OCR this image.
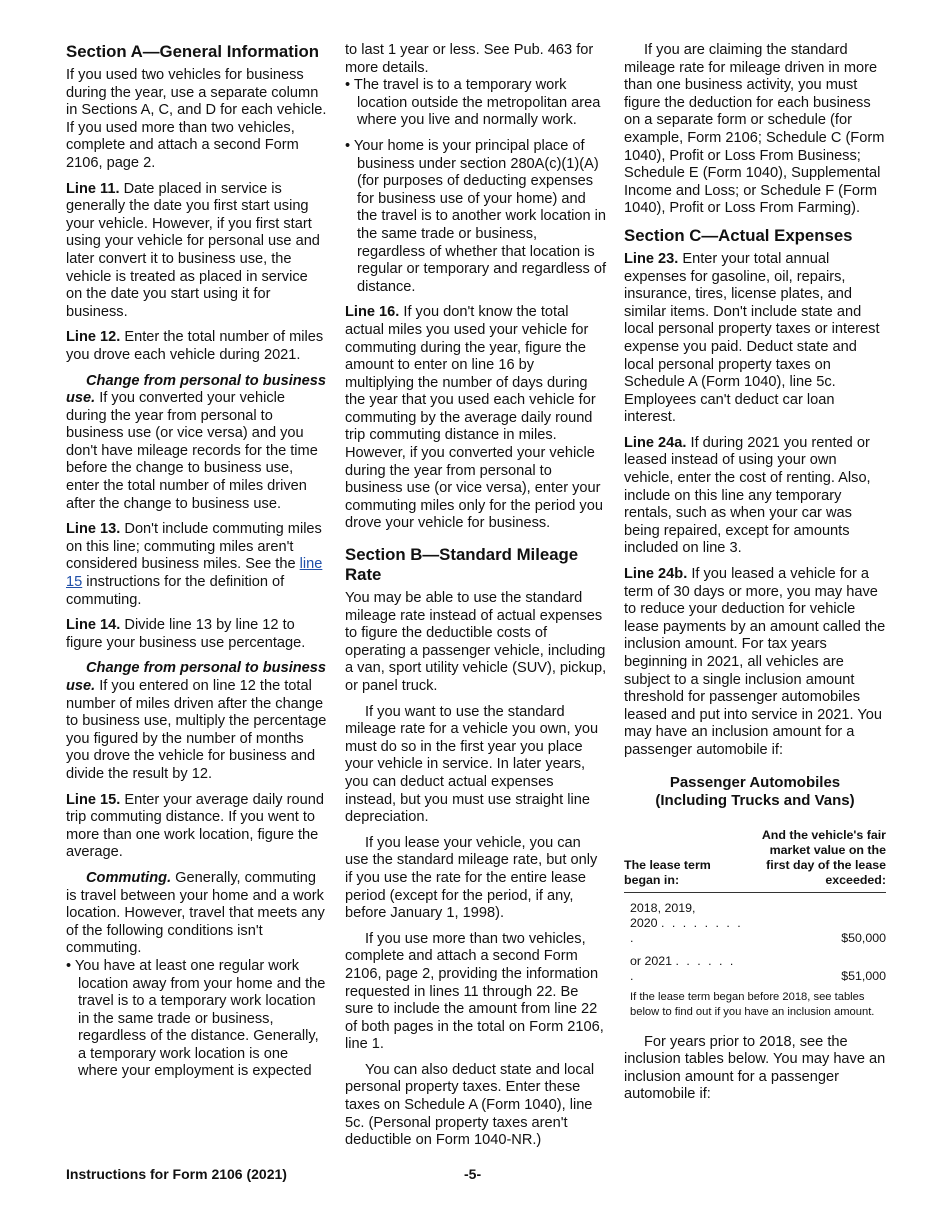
Section A—General Information

If you used two vehicles for business during the year, use a separate column in Sections A, C, and D for each vehicle. If you used more than two vehicles, complete and attach a second Form 2106, page 2.

Line 11. Date placed in service is generally the date you first start using your vehicle. However, if you first start using your vehicle for personal use and later convert it to business use, the vehicle is treated as placed in service on the date you start using it for business.

Line 12. Enter the total number of miles you drove each vehicle during 2021.

Change from personal to business use. If you converted your vehicle during the year from personal to business use (or vice versa) and you don't have mileage records for the time before the change to business use, enter the total number of miles driven after the change to business use.

Line 13. Don't include commuting miles on this line; commuting miles aren't considered business miles. See the line 15 instructions for the definition of commuting.

Line 14. Divide line 13 by line 12 to figure your business use percentage.

Change from personal to business use. If you entered on line 12 the total number of miles driven after the change to business use, multiply the percentage you figured by the number of months you drove the vehicle for business and divide the result by 12.

Line 15. Enter your average daily round trip commuting distance. If you went to more than one work location, figure the average.

Commuting. Generally, commuting is travel between your home and a work location. However, travel that meets any of the following conditions isn't commuting.

• You have at least one regular work location away from your home and the travel is to a temporary work location in the same trade or business, regardless of the distance. Generally, a temporary work location is one where your employment is expected

to last 1 year or less. See Pub. 463 for more details.

• The travel is to a temporary work location outside the metropolitan area where you live and normally work.

• Your home is your principal place of business under section 280A(c)(1)(A) (for purposes of deducting expenses for business use of your home) and the travel is to another work location in the same trade or business, regardless of whether that location is regular or temporary and regardless of distance.

Line 16. If you don't know the total actual miles you used your vehicle for commuting during the year, figure the amount to enter on line 16 by multiplying the number of days during the year that you used each vehicle for commuting by the average daily round trip commuting distance in miles. However, if you converted your vehicle during the year from personal to business use (or vice versa), enter your commuting miles only for the period you drove your vehicle for business.

Section B—Standard Mileage Rate

You may be able to use the standard mileage rate instead of actual expenses to figure the deductible costs of operating a passenger vehicle, including a van, sport utility vehicle (SUV), pickup, or panel truck.

If you want to use the standard mileage rate for a vehicle you own, you must do so in the first year you place your vehicle in service. In later years, you can deduct actual expenses instead, but you must use straight line depreciation.

If you lease your vehicle, you can use the standard mileage rate, but only if you use the rate for the entire lease period (except for the period, if any, before January 1, 1998).

If you use more than two vehicles, complete and attach a second Form 2106, page 2, providing the information requested in lines 11 through 22. Be sure to include the amount from line 22 of both pages in the total on Form 2106, line 1.

You can also deduct state and local personal property taxes. Enter these taxes on Schedule A (Form 1040), line 5c. (Personal property taxes aren't deductible on Form 1040-NR.)

If you are claiming the standard mileage rate for mileage driven in more than one business activity, you must figure the deduction for each business on a separate form or schedule (for example, Form 2106; Schedule C (Form 1040), Profit or Loss From Business; Schedule E (Form 1040), Supplemental Income and Loss; or Schedule F (Form 1040), Profit or Loss From Farming).

Section C—Actual Expenses

Line 23. Enter your total annual expenses for gasoline, oil, repairs, insurance, tires, license plates, and similar items. Don't include state and local personal property taxes or interest expense you paid. Deduct state and local personal property taxes on Schedule A (Form 1040), line 5c. Employees can't deduct car loan interest.

Line 24a. If during 2021 you rented or leased instead of using your own vehicle, enter the cost of renting. Also, include on this line any temporary rentals, such as when your car was being repaired, except for amounts included on line 3.

Line 24b. If you leased a vehicle for a term of 30 days or more, you may have to reduce your deduction for vehicle lease payments by an amount called the inclusion amount. For tax years beginning in 2021, all vehicles are subject to a single inclusion amount threshold for passenger automobiles leased and put into service in 2021. You may have an inclusion amount for a passenger automobile if:

Passenger Automobiles
(Including Trucks and Vans)
The lease term began in:	And the vehicle's fair market value on the first day of the lease exceeded:
2018, 2019,
2020 . . . . . . . . .	$50,000
or 2021 . . . . . . .	$51,000

If the lease term began before 2018, see tables below to find out if you have an inclusion amount.

For years prior to 2018, see the inclusion tables below. You may have an inclusion amount for a passenger automobile if:

Instructions for Form 2106 (2021)	-5-
